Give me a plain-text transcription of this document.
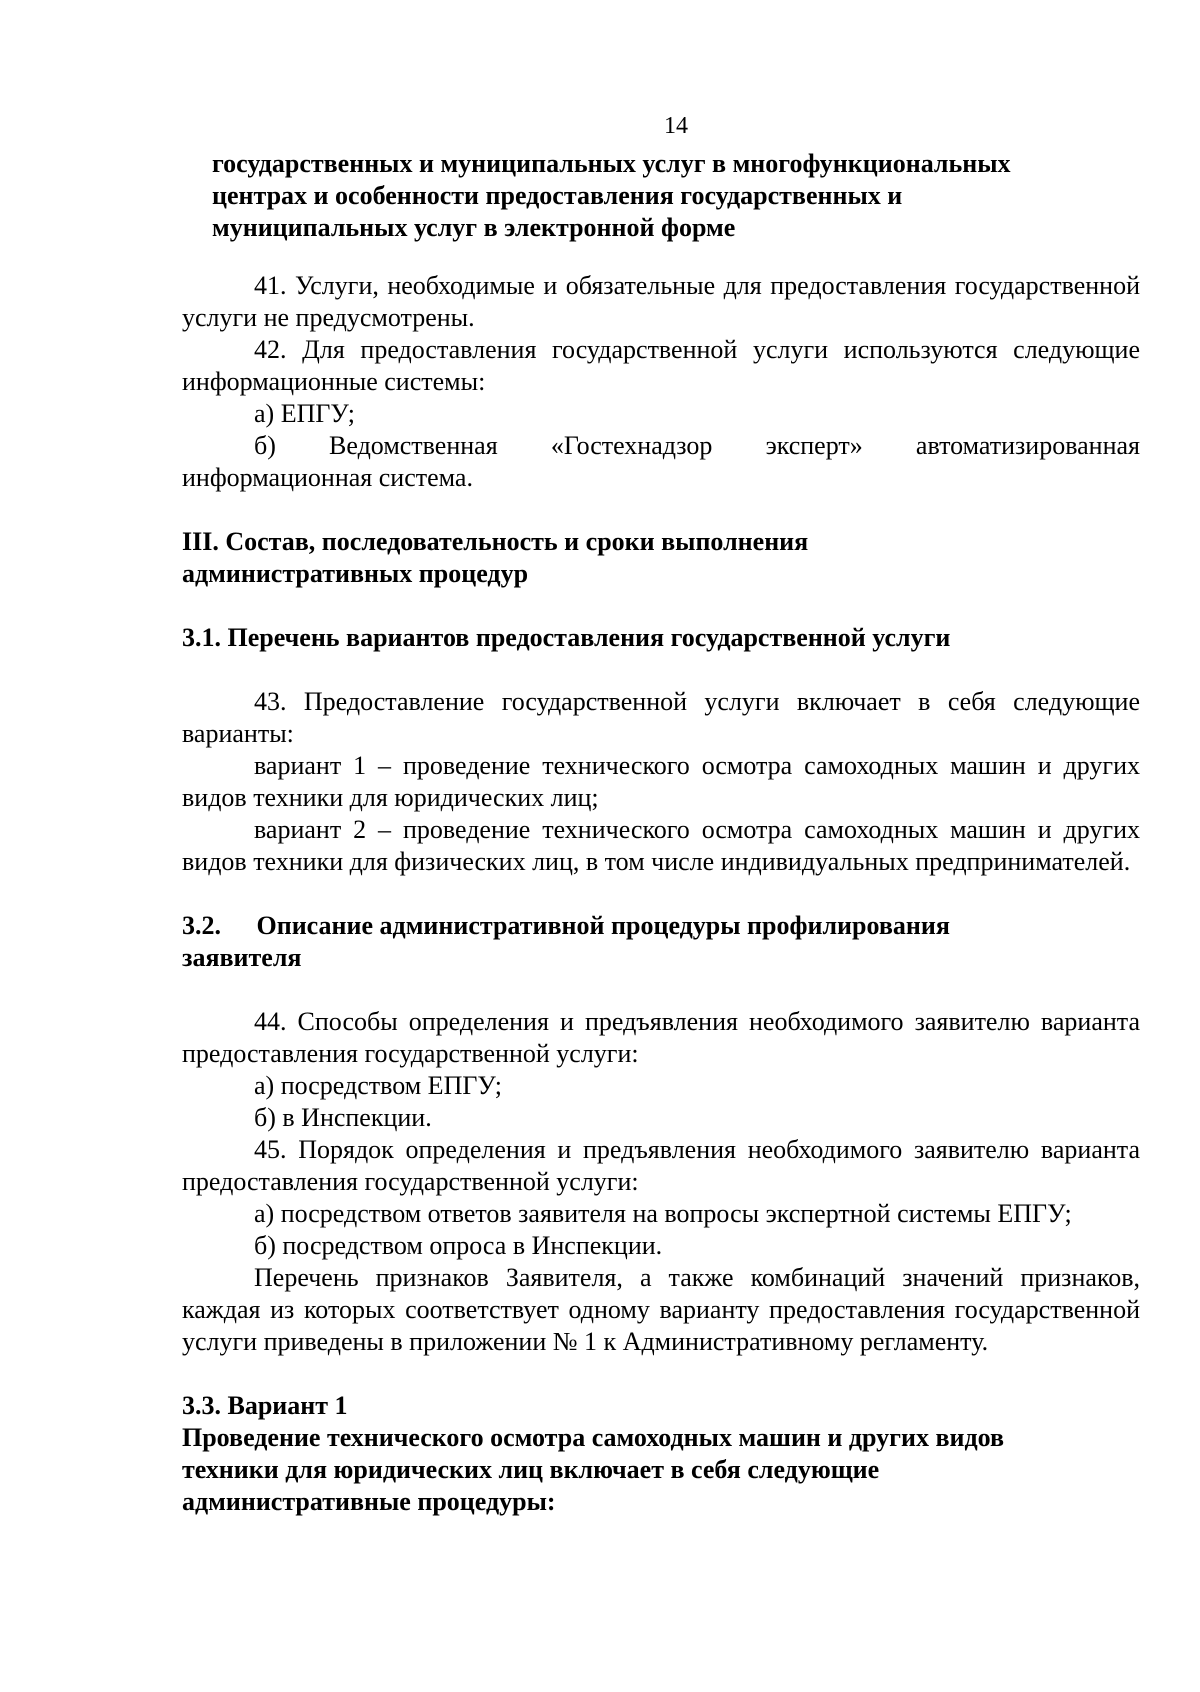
14

государственных и муниципальных услуг в многофункциональных

центрах и особенности предоставления государственных и

муниципальных услуг в электронной форме

41. Услуги, необходимые и обязательные для предоставления государственной услуги не предусмотрены.

42. Для предоставления государственной услуги используются следующие информационные системы:

а) ЕПГУ;

б) Ведомственная «Гостехнадзор эксперт» автоматизированная информационная система.

III. Состав, последовательность и сроки выполнения

административных процедур

3.1. Перечень вариантов предоставления государственной услуги

43. Предоставление государственной услуги включает в себя следующие варианты:

вариант 1 – проведение технического осмотра самоходных машин и других видов техники для юридических лиц;

вариант 2 – проведение технического осмотра самоходных машин и других видов техники для физических лиц, в том числе индивидуальных предпринимателей.

3.2. Описание административной процедуры профилирования

заявителя

44. Способы определения и предъявления необходимого заявителю варианта предоставления государственной услуги:

а) посредством ЕПГУ;

б) в Инспекции.

45. Порядок определения и предъявления необходимого заявителю варианта предоставления государственной услуги:

а) посредством ответов заявителя на вопросы экспертной системы ЕПГУ;

б) посредством опроса в Инспекции.

Перечень признаков Заявителя, а также комбинаций значений признаков, каждая из которых соответствует одному варианту предоставления государственной услуги приведены в приложении № 1 к Административному регламенту.

3.3. Вариант 1

Проведение технического осмотра самоходных машин и других видов

техники для юридических лиц включает в себя следующие

административные процедуры:
